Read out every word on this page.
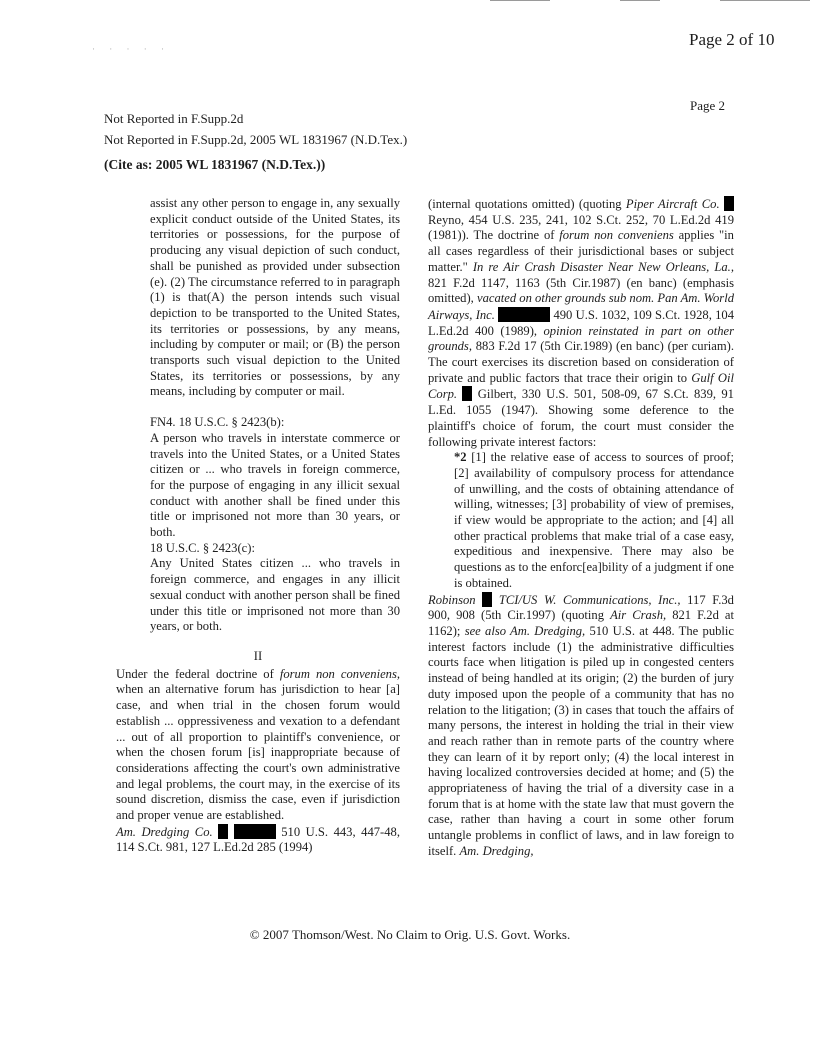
· · · · ·	Page 2 of 10
Page 2
Not Reported in F.Supp.2d
Not Reported in F.Supp.2d, 2005 WL 1831967 (N.D.Tex.)
(Cite as: 2005 WL 1831967 (N.D.Tex.))

assist any other person to engage in, any sexually explicit conduct outside of the United States, its territories or possessions, for the purpose of producing any visual depiction of such conduct, shall be punished as provided under subsection (e). (2) The circumstance referred to in paragraph (1) is that(A) the person intends such visual depiction to be transported to the United States, its territories or possessions, by any means, including by computer or mail; or (B) the person transports such visual depiction to the United States, its territories or possessions, by any means, including by computer or mail.

FN4. 18 U.S.C. § 2423(b):

A person who travels in interstate commerce or travels into the United States, or a United States citizen or ... who travels in foreign commerce, for the purpose of engaging in any illicit sexual conduct with another shall be fined under this title or imprisoned not more than 30 years, or both.

18 U.S.C. § 2423(c):

Any United States citizen ... who travels in foreign commerce, and engages in any illicit sexual conduct with another person shall be fined under this title or imprisoned not more than 30 years, or both.

II

Under the federal doctrine of forum non conveniens, when an alternative forum has jurisdiction to hear [a] case, and when trial in the chosen forum would establish ... oppressiveness and vexation to a defendant ... out of all proportion to plaintiff's convenience, or when the chosen forum [is] inappropriate because of considerations affecting the court's own administrative and legal problems, the court may, in the exercise of its sound discretion, dismiss the case, even if jurisdiction and proper venue are established.

Am. Dredging Co.	510 U.S. 443, 447-48, 114 S.Ct. 981, 127 L.Ed.2d 285 (1994)

(internal quotations omitted) (quoting Piper Aircraft Co.  Reyno, 454 U.S. 235, 241, 102 S.Ct. 252, 70 L.Ed.2d 419 (1981)). The doctrine of forum non conveniens applies "in all cases regardless of their jurisdictional bases or subject matter." In re Air Crash Disaster Near New Orleans, La., 821 F.2d 1147, 1163 (5th Cir.1987) (en banc) (emphasis omitted), vacated on other grounds sub nom. Pan Am. World Airways, Inc.	490 U.S. 1032, 109 S.Ct. 1928, 104 L.Ed.2d 400 (1989), opinion reinstated in part on other grounds, 883 F.2d 17 (5th Cir.1989) (en banc) (per curiam). The court exercises its discretion based on consideration of private and public factors that trace their origin to Gulf Oil Corp.  Gilbert, 330 U.S. 501, 508-09, 67 S.Ct. 839, 91 L.Ed. 1055 (1947). Showing some deference to the plaintiff's choice of forum, the court must consider the following private interest factors:

*2 [1] the relative ease of access to sources of proof; [2] availability of compulsory process for attendance of unwilling, and the costs of obtaining attendance of willing, witnesses; [3] probability of view of premises, if view would be appropriate to the action; and [4] all other practical problems that make trial of a case easy, expeditious and inexpensive. There may also be questions as to the enforc[ea]bility of a judgment if one is obtained.

Robinson TCI/US W. Communications, Inc., 117 F.3d 900, 908 (5th Cir.1997) (quoting Air Crash, 821 F.2d at 1162); see also Am. Dredging, 510 U.S. at 448. The public interest factors include (1) the administrative difficulties courts face when litigation is piled up in congested centers instead of being handled at its origin; (2) the burden of jury duty imposed upon the people of a community that has no relation to the litigation; (3) in cases that touch the affairs of many persons, the interest in holding the trial in their view and reach rather than in remote parts of the country where they can learn of it by report only; (4) the local interest in having localized controversies decided at home; and (5) the appropriateness of having the trial of a diversity case in a forum that is at home with the state law that must govern the case, rather than having a court in some other forum untangle problems in conflict of laws, and in law foreign to itself. Am. Dredging,

© 2007 Thomson/West. No Claim to Orig. U.S. Govt. Works.
